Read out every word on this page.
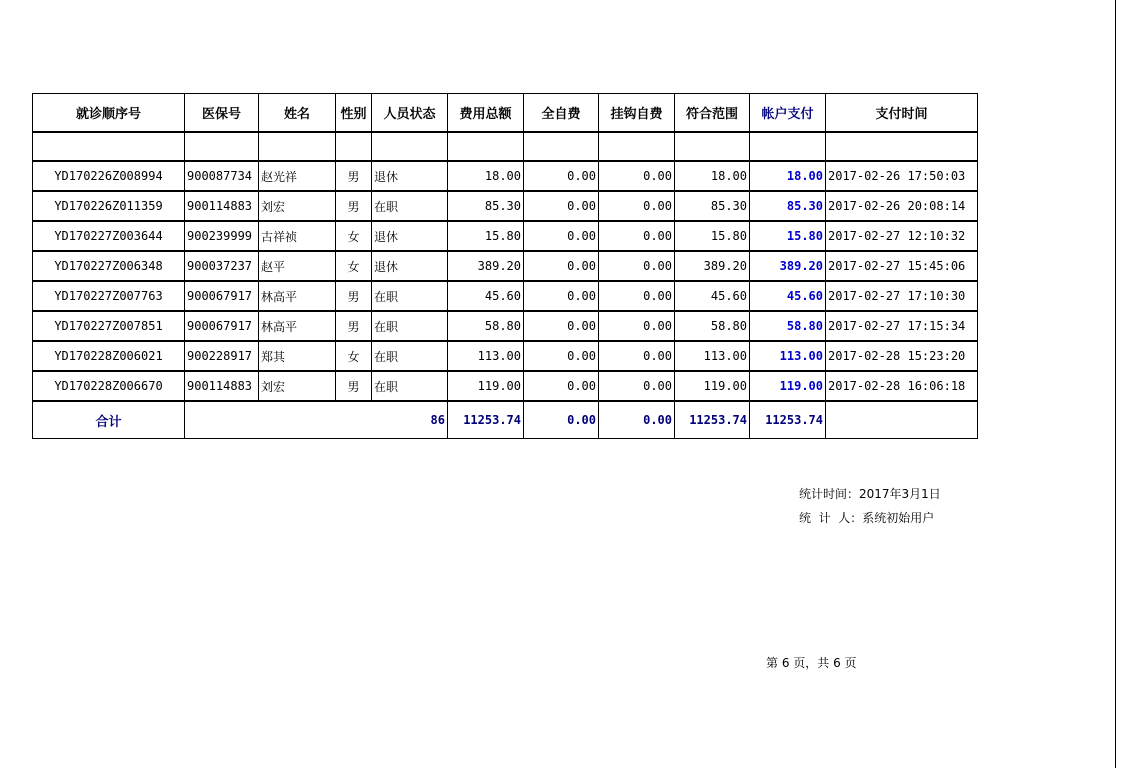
就诊顺序号	医保号	姓名	性别	人员状态	费用总额	全自费	挂钩自费	符合范围	帐户支付	支付时间

YD170226Z008994	900087734	赵光祥	男	退休	18.00	0.00	0.00	18.00	18.00	2017-02-26 17:50:03
YD170226Z011359	900114883	刘宏	男	在职	85.30	0.00	0.00	85.30	85.30	2017-02-26 20:08:14
YD170227Z003644	900239999	古祥祯	女	退休	15.80	0.00	0.00	15.80	15.80	2017-02-27 12:10:32
YD170227Z006348	900037237	赵平	女	退休	389.20	0.00	0.00	389.20	389.20	2017-02-27 15:45:06
YD170227Z007763	900067917	林高平	男	在职	45.60	0.00	0.00	45.60	45.60	2017-02-27 17:10:30
YD170227Z007851	900067917	林高平	男	在职	58.80	0.00	0.00	58.80	58.80	2017-02-27 17:15:34
YD170228Z006021	900228917	郑其	女	在职	113.00	0.00	0.00	113.00	113.00	2017-02-28 15:23:20
YD170228Z006670	900114883	刘宏	男	在职	119.00	0.00	0.00	119.00	119.00	2017-02-28 16:06:18
合计	86				11253.74	0.00	0.00	11253.74	11253.74	
统计时间：2017年3月1日
统  计  人：系统初始用户
第 6 页，共 6 页
